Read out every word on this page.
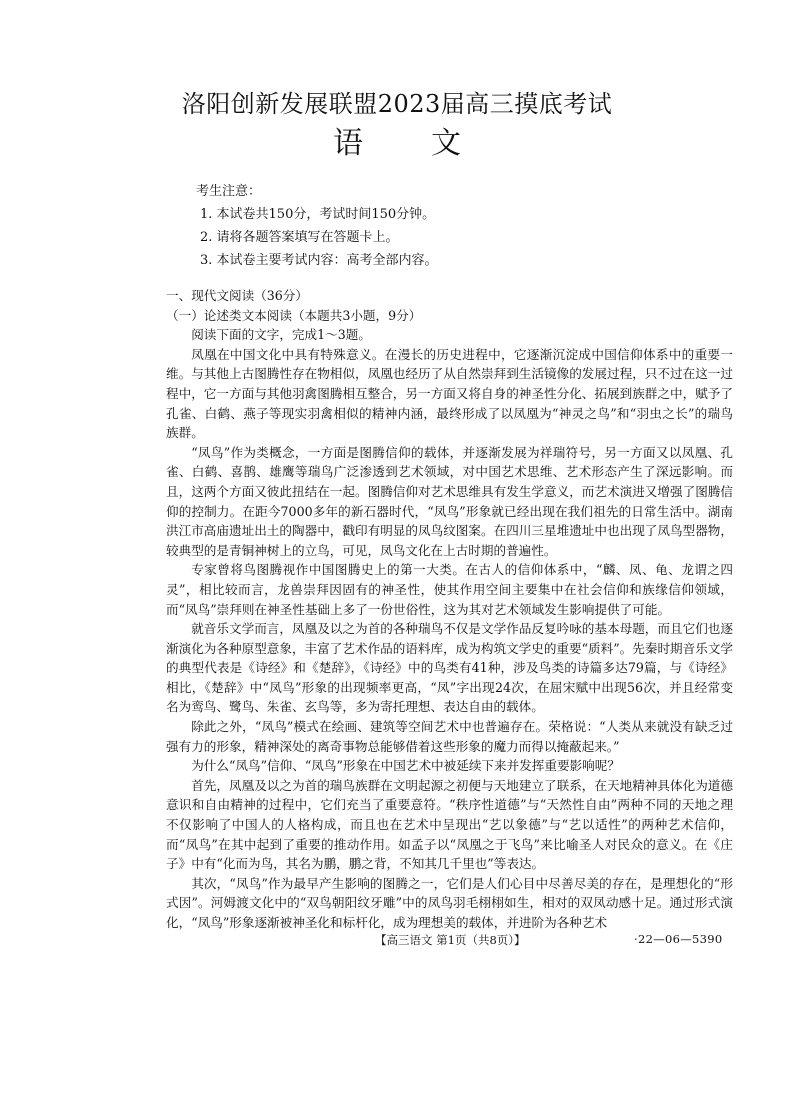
洛阳创新发展联盟2023届高三摸底考试
语 文
考生注意：
1. 本试卷共150分，考试时间150分钟。
2. 请将各题答案填写在答题卡上。
3. 本试卷主要考试内容：高考全部内容。

一、现代文阅读（36分）

（一）论述类文本阅读（本题共3小题，9分）

阅读下面的文字，完成1～3题。

凤凰在中国文化中具有特殊意义。在漫长的历史进程中，它逐渐沉淀成中国信仰体系中的重要一维。与其他上古图腾性存在物相似，凤凰也经历了从自然崇拜到生活镜像的发展过程，只不过在这一过程中，它一方面与其他羽禽图腾相互整合，另一方面又将自身的神圣性分化、拓展到族群之中，赋予了孔雀、白鹤、燕子等现实羽禽相似的精神内涵，最终形成了以凤凰为“神灵之鸟”和“羽虫之长”的瑞鸟族群。

“凤鸟”作为类概念，一方面是图腾信仰的载体，并逐渐发展为祥瑞符号，另一方面又以凤凰、孔雀、白鹤、喜鹊、雄鹰等瑞鸟广泛渗透到艺术领域，对中国艺术思维、艺术形态产生了深远影响。而且，这两个方面又彼此扭结在一起。图腾信仰对艺术思维具有发生学意义，而艺术演进又增强了图腾信仰的控制力。在距今7000多年的新石器时代，“凤鸟”形象就已经出现在我们祖先的日常生活中。湖南洪江市高庙遗址出土的陶器中，戳印有明显的凤鸟纹图案。在四川三星堆遗址中也出现了凤鸟型器物，较典型的是青铜神树上的立鸟，可见，凤鸟文化在上古时期的普遍性。

专家曾将鸟图腾视作中国图腾史上的第一大类。在古人的信仰体系中，“麟、凤、龟、龙谓之四灵”，相比较而言，龙兽崇拜因固有的神圣性，使其作用空间主要集中在社会信仰和族缘信仰领域，而“凤鸟”崇拜则在神圣性基础上多了一份世俗性，这为其对艺术领域发生影响提供了可能。

就音乐文学而言，凤凰及以之为首的各种瑞鸟不仅是文学作品反复吟咏的基本母题，而且它们也逐渐演化为各种原型意象，丰富了艺术作品的语料库，成为构筑文学史的重要“质料”。先秦时期音乐文学的典型代表是《诗经》和《楚辞》，《诗经》中的鸟类有41种，涉及鸟类的诗篇多达79篇，与《诗经》相比，《楚辞》中“凤鸟”形象的出现频率更高，“凤”字出现24次，在屈宋赋中出现56次，并且经常变名为鸾鸟、鹭鸟、朱雀、玄鸟等，多为寄托理想、表达自由的载体。

除此之外，“凤鸟”模式在绘画、建筑等空间艺术中也普遍存在。荣格说：“人类从来就没有缺乏过强有力的形象，精神深处的离奇事物总能够借着这些形象的魔力而得以掩蔽起来。”

为什么“凤鸟”信仰、“凤鸟”形象在中国艺术中被延续下来并发挥重要影响呢？

首先，凤凰及以之为首的瑞鸟族群在文明起源之初便与天地建立了联系，在天地精神具体化为道德意识和自由精神的过程中，它们充当了重要意符。“秩序性道德”与“天然性自由”两种不同的天地之理不仅影响了中国人的人格构成，而且也在艺术中呈现出“艺以象德”与“艺以适性”的两种艺术信仰，而“凤鸟”在其中起到了重要的推动作用。如孟子以“凤凰之于飞鸟”来比喻圣人对民众的意义。在《庄子》中有“化而为鸟，其名为鹏，鹏之背，不知其几千里也”等表达。

其次，“凤鸟”作为最早产生影响的图腾之一，它们是人们心目中尽善尽美的存在，是理想化的“形式因”。河姆渡文化中的“双鸟朝阳纹牙雕”中的凤鸟羽毛栩栩如生，相对的双凤动感十足。通过形式演化，“凤鸟”形象逐渐被神圣化和标杆化，成为理想美的载体，并进阶为各种艺术

【高三语文 第1页（共8页）】	·22—06—5390
